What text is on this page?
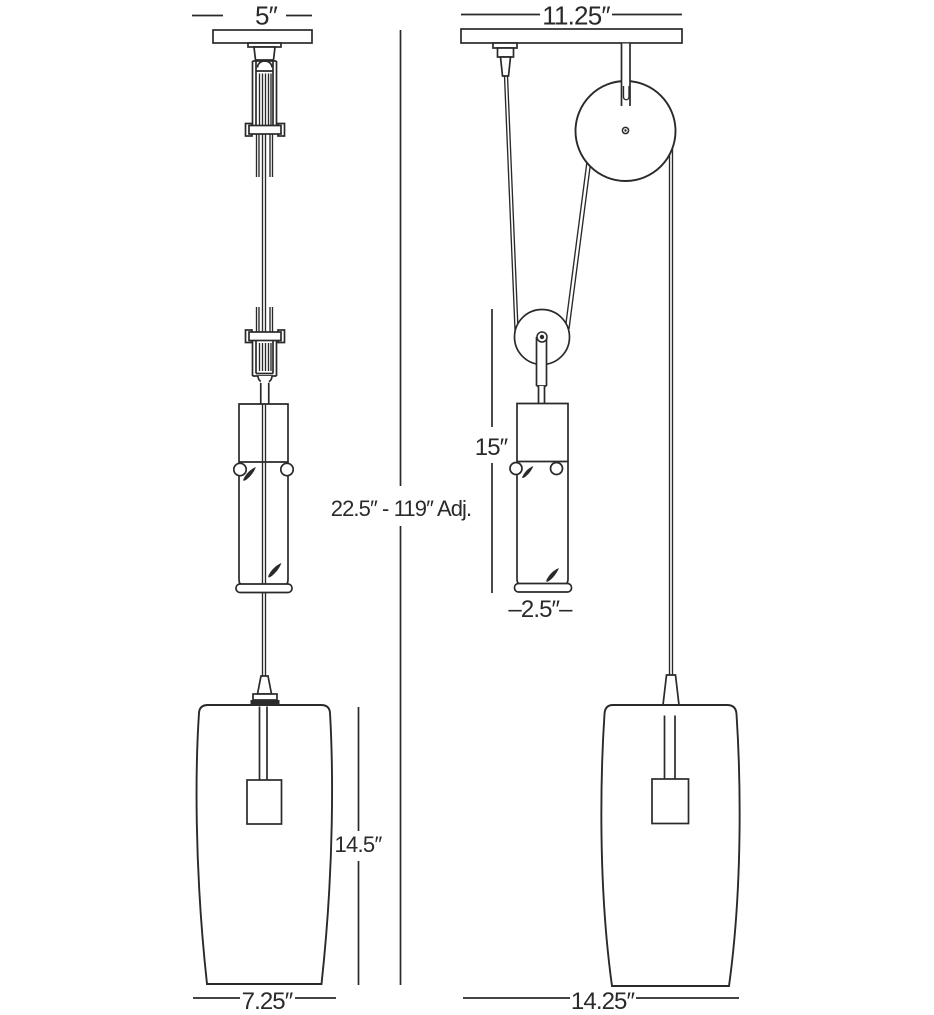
5″
22.5″ - 119″ Adj.
14.5″
7.25″
11.25″
15″
–2.5″–
14.25″
